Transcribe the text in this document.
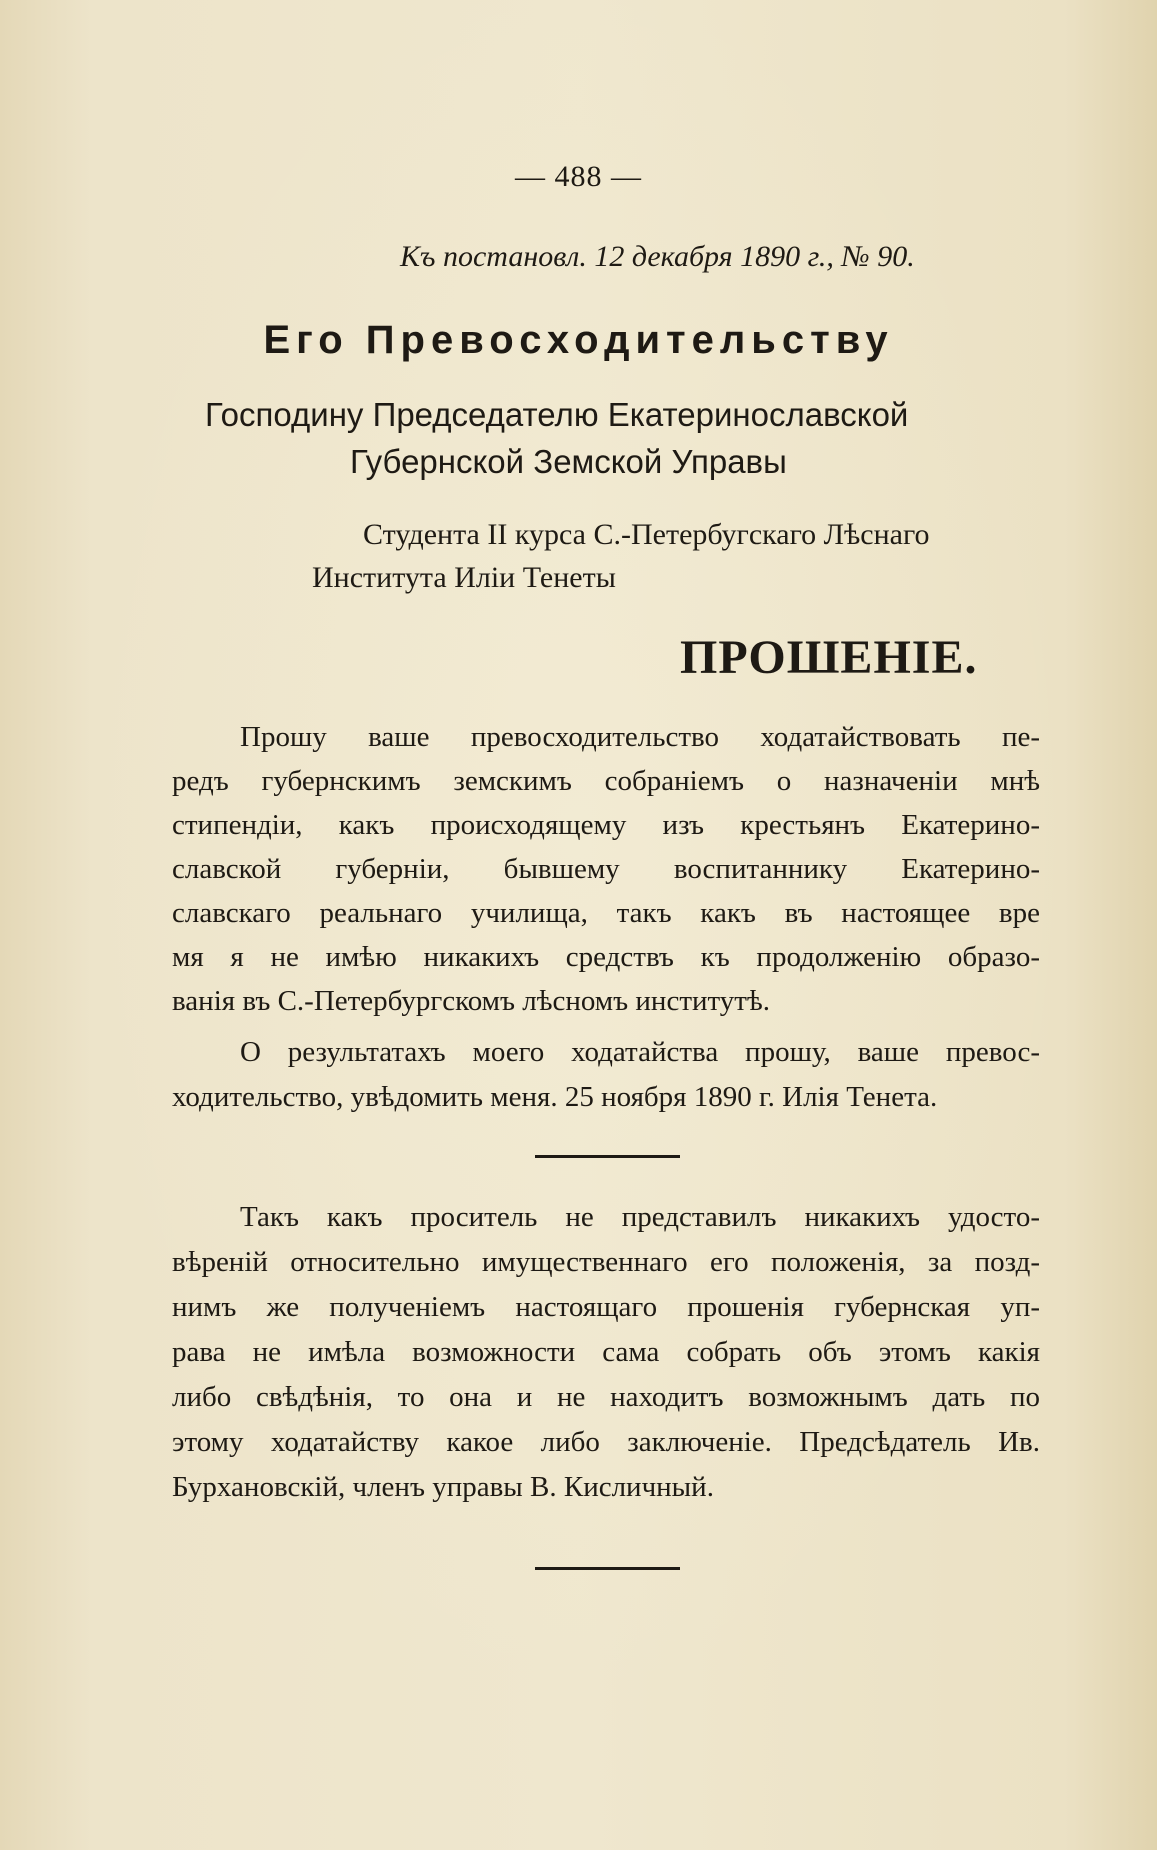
— 488 —
Къ постановл. 12 декабря 1890 г., № 90.
Его Превосходительству
Господину Председателю Екатеринославской
Губернской Земской Управы
Студента II курса С.-Петербугскаго Лѣснаго
Института Иліи Тенеты
ПРОШЕНІЕ.
Прошу ваше превосходительство ходатайствовать пе-
редъ губернскимъ земскимъ собраніемъ о назначеніи мнѣ
стипендіи, какъ происходящему изъ крестьянъ Екатерино-
славской губерніи, бывшему воспитаннику Екатерино-
славскаго реальнаго училища, такъ какъ въ настоящее вре
мя я не имѣю никакихъ средствъ къ продолженію образо-
ванія въ С.-Петербургскомъ лѣсномъ институтѣ.
О результатахъ моего ходатайства прошу, ваше превос-
ходительство, увѣдомить меня. 25 ноября 1890 г. Илія Тенета.
Такъ какъ проситель не представилъ никакихъ удосто-
вѣреній относительно имущественнаго его положенія, за позд-
нимъ же полученіемъ настоящаго прошенія губернская уп-
рава не имѣла возможности сама собрать объ этомъ какія
либо свѣдѣнія, то она и не находитъ возможнымъ дать по
этому ходатайству какое либо заключеніе. Предсѣдатель Ив.
Бурхановскій, членъ управы В. Кисличный.
